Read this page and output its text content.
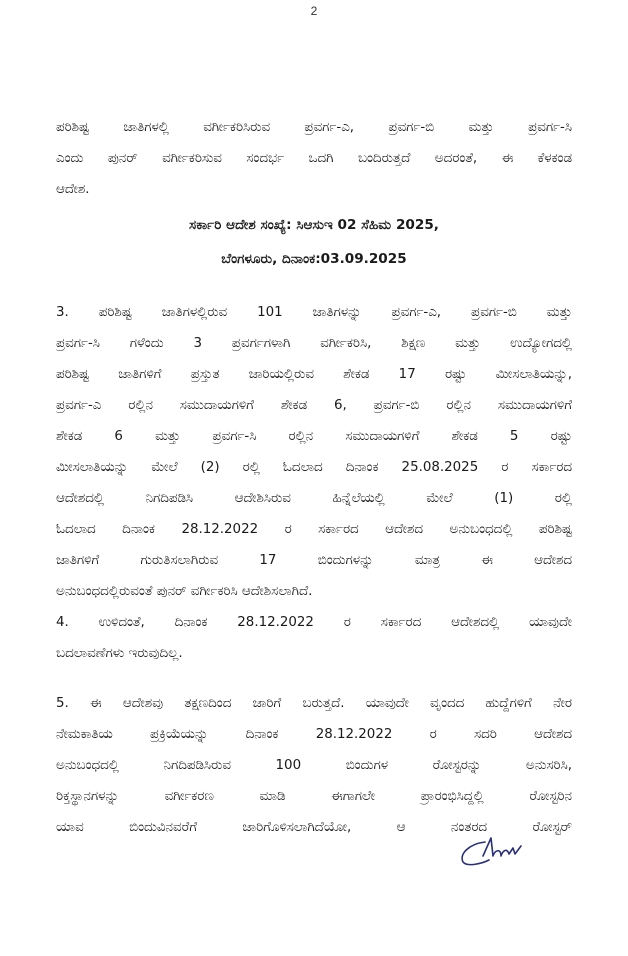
2
ಪರಿಶಿಷ್ಟ ಜಾತಿಗಳಲ್ಲಿ ವರ್ಗೀಕರಿಸಿರುವ ಪ್ರವರ್ಗ-ಎ, ಪ್ರವರ್ಗ-ಬಿ ಮತ್ತು ಪ್ರವರ್ಗ-ಸಿ
ಎಂದು ಪುನರ್ ವರ್ಗೀಕರಿಸುವ ಸಂದರ್ಭ ಒದಗಿ ಬಂದಿರುತ್ತದೆ ಅದರಂತೆ, ಈ ಕೆಳಕಂಡ
ಆದೇಶ.
ಸರ್ಕಾರಿ ಆದೇಶ ಸಂಖ್ಯೆ: ಸಿಆಸುಇ 02 ಸೆಹಿಮ 2025,
ಬೆಂಗಳೂರು, ದಿನಾಂಕ:03.09.2025
3. ಪರಿಶಿಷ್ಟ ಜಾತಿಗಳಲ್ಲಿರುವ 101 ಜಾತಿಗಳನ್ನು ಪ್ರವರ್ಗ-ಎ, ಪ್ರವರ್ಗ-ಬಿ ಮತ್ತು
ಪ್ರವರ್ಗ-ಸಿ ಗಳೆಂದು 3 ಪ್ರವರ್ಗಗಳಾಗಿ ವರ್ಗೀಕರಿಸಿ, ಶಿಕ್ಷಣ ಮತ್ತು ಉದ್ಯೋಗದಲ್ಲಿ
ಪರಿಶಿಷ್ಟ ಜಾತಿಗಳಿಗೆ ಪ್ರಸ್ತುತ ಜಾರಿಯಲ್ಲಿರುವ ಶೇಕಡ 17 ರಷ್ಟು ಮೀಸಲಾತಿಯನ್ನು,
ಪ್ರವರ್ಗ-ಎ ರಲ್ಲಿನ ಸಮುದಾಯಗಳಿಗೆ ಶೇಕಡ 6, ಪ್ರವರ್ಗ-ಬಿ ರಲ್ಲಿನ ಸಮುದಾಯಗಳಿಗೆ
ಶೇಕಡ 6 ಮತ್ತು ಪ್ರವರ್ಗ-ಸಿ ರಲ್ಲಿನ ಸಮುದಾಯಗಳಿಗೆ ಶೇಕಡ 5 ರಷ್ಟು
ಮೀಸಲಾತಿಯನ್ನು ಮೇಲೆ (2) ರಲ್ಲಿ ಓದಲಾದ ದಿನಾಂಕ 25.08.2025 ರ ಸರ್ಕಾರದ
ಆದೇಶದಲ್ಲಿ ನಿಗದಿಪಡಿಸಿ ಆದೇಶಿಸಿರುವ ಹಿನ್ನೆಲೆಯಲ್ಲಿ ಮೇಲೆ (1) ರಲ್ಲಿ
ಓದಲಾದ ದಿನಾಂಕ 28.12.2022 ರ ಸರ್ಕಾರದ ಆದೇಶದ ಅನುಬಂಧದಲ್ಲಿ ಪರಿಶಿಷ್ಟ
ಜಾತಿಗಳಿಗೆ ಗುರುತಿಸಲಾಗಿರುವ 17 ಬಿಂದುಗಳನ್ನು ಮಾತ್ರ ಈ ಆದೇಶದ
ಅನುಬಂಧದಲ್ಲಿರುವಂತೆ ಪುನರ್ ವರ್ಗೀಕರಿಸಿ ಆದೇಶಿಸಲಾಗಿದೆ.
4. ಉಳಿದಂತೆ, ದಿನಾಂಕ 28.12.2022 ರ ಸರ್ಕಾರದ ಆದೇಶದಲ್ಲಿ ಯಾವುದೇ
ಬದಲಾವಣೆಗಳು ಇರುವುದಿಲ್ಲ.
5. ಈ ಆದೇಶವು ತಕ್ಷಣದಿಂದ ಜಾರಿಗೆ ಬರುತ್ತದೆ. ಯಾವುದೇ ವೃಂದದ ಹುದ್ದೆಗಳಿಗೆ ನೇರ
ನೇಮಕಾತಿಯ ಪ್ರಕ್ರಿಯೆಯನ್ನು ದಿನಾಂಕ 28.12.2022 ರ ಸದರಿ ಆದೇಶದ
ಅನುಬಂಧದಲ್ಲಿ ನಿಗದಿಪಡಿಸಿರುವ 100 ಬಿಂದುಗಳ ರೋಸ್ಟರನ್ನು ಅನುಸರಿಸಿ,
ರಿಕ್ತಸ್ಥಾನಗಳನ್ನು ವರ್ಗೀಕರಣ ಮಾಡಿ ಈಗಾಗಲೇ ಪ್ರಾರಂಭಿಸಿದ್ದಲ್ಲಿ ರೋಸ್ಟರಿನ
ಯಾವ ಬಿಂದುವಿನವರೆಗೆ ಜಾರಿಗೊಳಿಸಲಾಗಿದೆಯೋ, ಆ ನಂತರದ ರೋಸ್ಟರ್
